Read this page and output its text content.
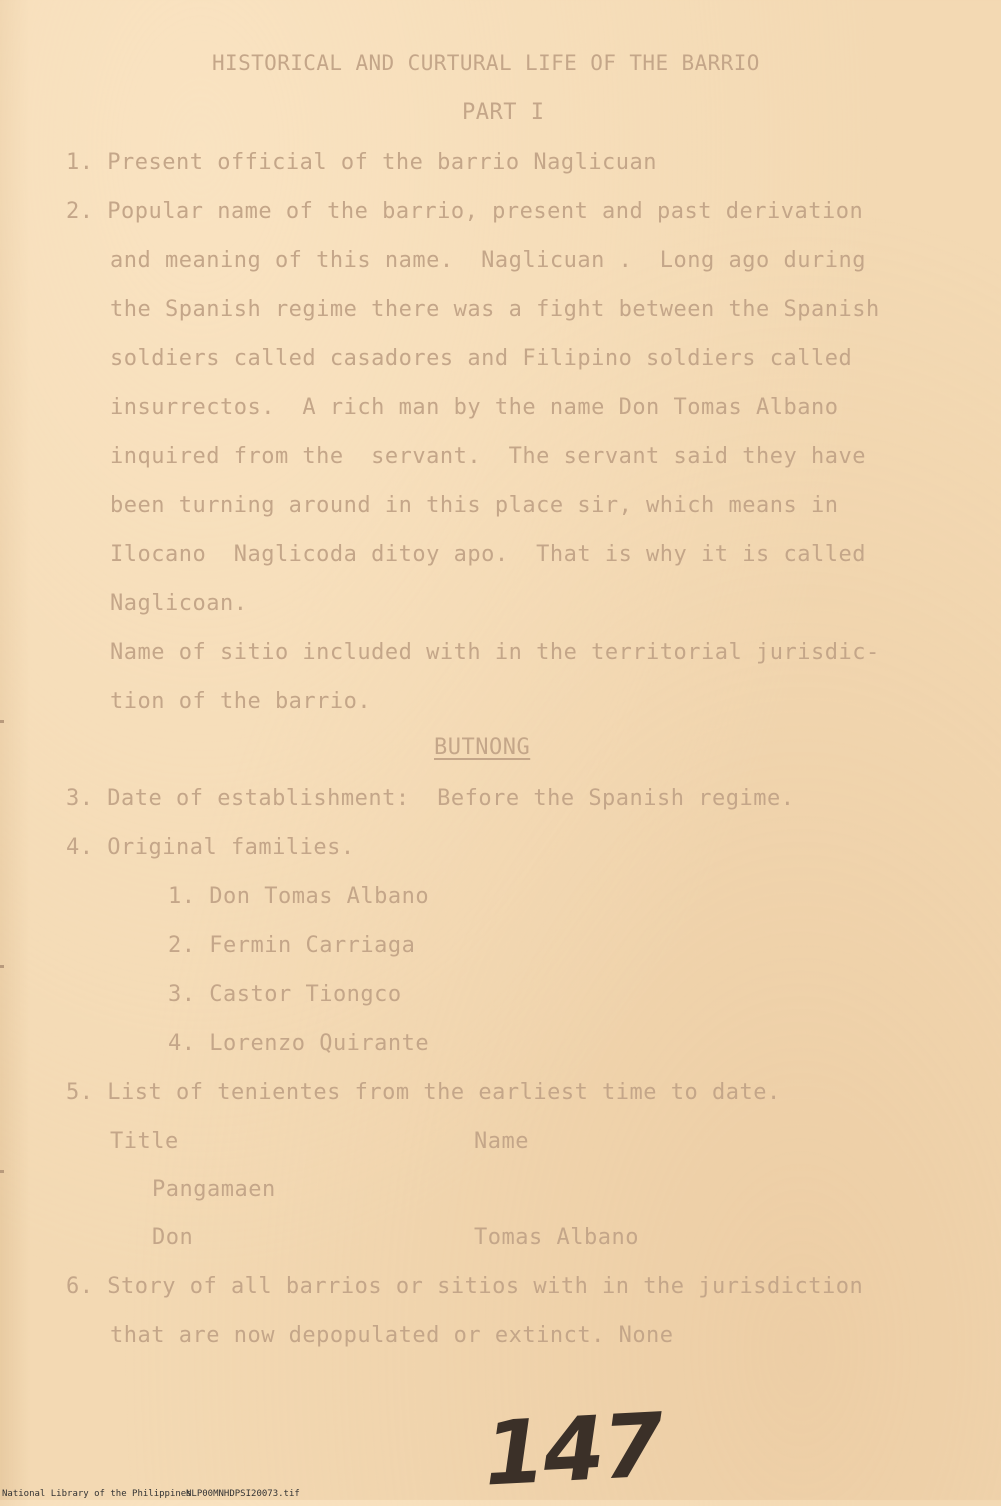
HISTORICAL AND CURTURAL LIFE OF THE BARRIO
PART I
1. Present official of the barrio Naglicuan
2. Popular name of the barrio, present and past derivation
and meaning of this name.  Naglicuan .  Long ago during
the Spanish regime there was a fight between the Spanish
soldiers called casadores and Filipino soldiers called
insurrectos.  A rich man by the name Don Tomas Albano
inquired from the  servant.  The servant said they have
been turning around in this place sir, which means in
Ilocano  Naglicoda ditoy apo.  That is why it is called
Naglicoan.
Name of sitio included with in the territorial jurisdic-
tion of the barrio.
BUTNONG
3. Date of establishment:  Before the Spanish regime.
4. Original families.
1. Don Tomas Albano
2. Fermin Carriaga
3. Castor Tiongco
4. Lorenzo Quirante
5. List of tenientes from the earliest time to date.
Title	Name
Pangamaen
Don	Tomas Albano
6. Story of all barrios or sitios with in the jurisdiction
that are now depopulated or extinct. None
147
National Library of the Philippines
NLP00MNHDPSI20073.tif
